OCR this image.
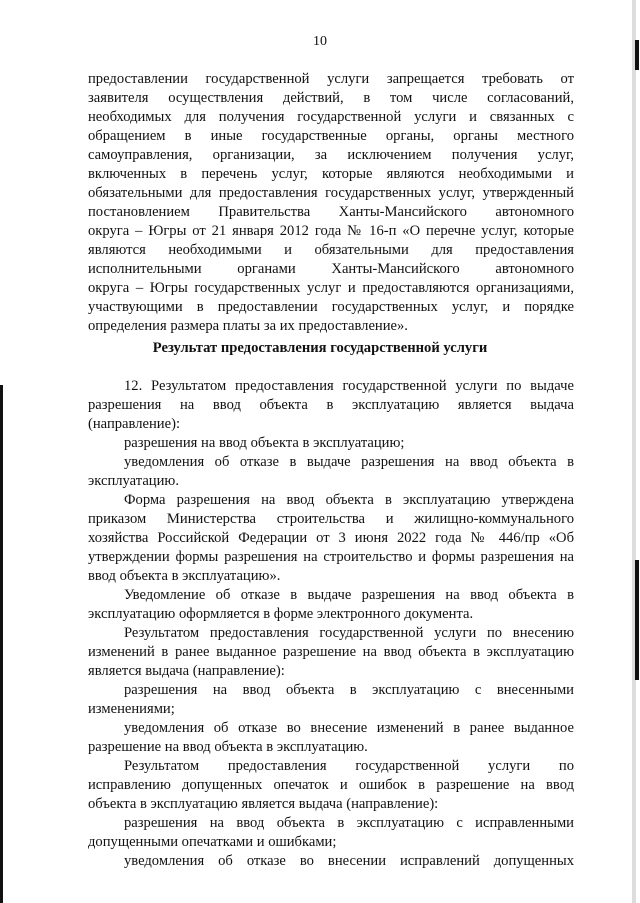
10
предоставлении государственной услуги запрещается требовать от
заявителя осуществления действий, в том числе согласований,
необходимых для получения государственной услуги и связанных с
обращением в иные государственные органы, органы местного
самоуправления, организации, за исключением получения услуг,
включенных в перечень услуг, которые являются необходимыми и
обязательными для предоставления государственных услуг, утвержденный
постановлением Правительства Ханты-Мансийского автономного
округа – Югры от 21 января 2012 года № 16-п «О перечне услуг, которые
являются необходимыми и обязательными для предоставления
исполнительными органами Ханты-Мансийского автономного
округа – Югры государственных услуг и предоставляются организациями,
участвующими в предоставлении государственных услуг, и порядке
определения размера платы за их предоставление».
Результат предоставления государственной услуги
12. Результатом предоставления государственной услуги по выдаче
разрешения на ввод объекта в эксплуатацию является выдача
(направление):
разрешения на ввод объекта в эксплуатацию;
уведомления об отказе в выдаче разрешения на ввод объекта в
эксплуатацию.
Форма разрешения на ввод объекта в эксплуатацию утверждена
приказом Министерства строительства и жилищно-коммунального
хозяйства Российской Федерации от 3 июня 2022 года № 446/пр «Об
утверждении формы разрешения на строительство и формы разрешения на
ввод объекта в эксплуатацию».
Уведомление об отказе в выдаче разрешения на ввод объекта в
эксплуатацию оформляется в форме электронного документа.
Результатом предоставления государственной услуги по внесению
изменений в ранее выданное разрешение на ввод объекта в эксплуатацию
является выдача (направление):
разрешения на ввод объекта в эксплуатацию с внесенными
изменениями;
уведомления об отказе во внесение изменений в ранее выданное
разрешение на ввод объекта в эксплуатацию.
Результатом предоставления государственной услуги по
исправлению допущенных опечаток и ошибок в разрешение на ввод
объекта в эксплуатацию является выдача (направление):
разрешения на ввод объекта в эксплуатацию с исправленными
допущенными опечатками и ошибками;
уведомления об отказе во внесении исправлений допущенных
